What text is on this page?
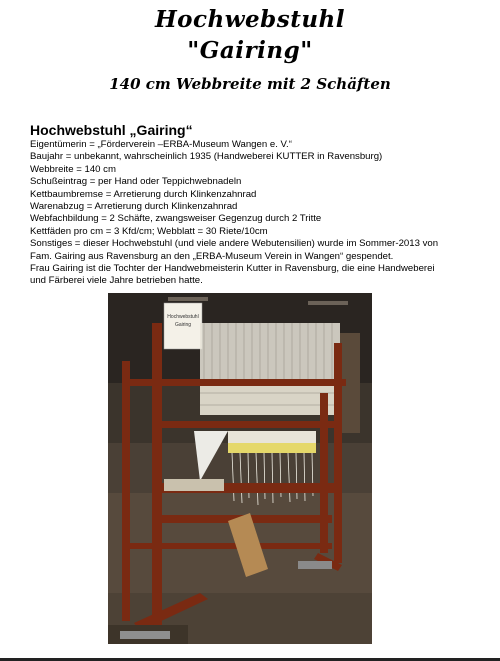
Hochwebstuhl
"Gairing"
140 cm Webbreite mit 2 Schäften
Hochwebstuhl „Gairing“
Eigentümerin = „Förderverein –ERBA-Museum Wangen e. V.“
Baujahr = unbekannt, wahrscheinlich 1935 (Handweberei KUTTER in Ravensburg)
Webbreite = 140 cm
Schußeintrag = per Hand oder Teppichwebnadeln
Kettbaumbremse = Arretierung durch Klinkenzahnrad
Warenabzug = Arretierung durch Klinkenzahnrad
Webfachbildung = 2 Schäfte, zwangsweiser Gegenzug durch 2 Tritte
Kettfäden pro cm = 3 Kfd/cm; Webblatt = 30 Riete/10cm
Sonstiges = dieser Hochwebstuhl (und viele andere Webutensilien) wurde im Sommer-2013 von
Fam. Gairing aus Ravensburg an den „ERBA-Museum Verein in Wangen“ gespendet.
Frau Gairing ist die Tochter der Handwebmeisterin Kutter in Ravensburg, die eine Handweberei
und Färberei viele Jahre betrieben hatte.
Hochwebstuhl
Gairing
